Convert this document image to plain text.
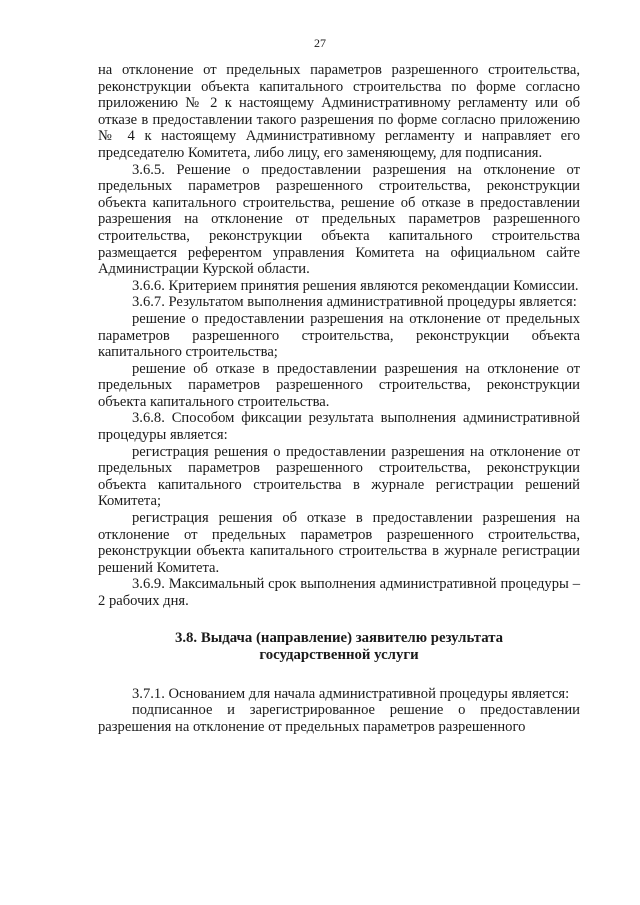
27

на отклонение от предельных параметров разрешенного строительства, реконструкции объекта капитального строительства по форме согласно приложению № 2 к настоящему Административному регламенту или об отказе в предоставлении такого разрешения по форме согласно приложению № 4 к настоящему Административному регламенту и направляет его председателю Комитета, либо лицу, его заменяющему, для подписания.

3.6.5. Решение о предоставлении разрешения на отклонение от предельных параметров разрешенного строительства, реконструкции объекта капитального строительства, решение об отказе в предоставлении разрешения на отклонение от предельных параметров разрешенного строительства, реконструкции объекта капитального строительства размещается референтом управления Комитета на официальном сайте Администрации Курской области.

3.6.6. Критерием принятия решения являются рекомендации Комиссии.

3.6.7. Результатом выполнения административной процедуры является:

решение о предоставлении разрешения на отклонение от предельных параметров разрешенного строительства, реконструкции объекта капитального строительства;

решение об отказе в предоставлении разрешения на отклонение от предельных параметров разрешенного строительства, реконструкции объекта капитального строительства.

3.6.8. Способом фиксации результата выполнения административной процедуры является:

регистрация решения о предоставлении разрешения на отклонение от предельных параметров разрешенного строительства, реконструкции объекта капитального строительства в журнале регистрации решений Комитета;

регистрация решения об отказе в предоставлении разрешения на отклонение от предельных параметров разрешенного строительства, реконструкции объекта капитального строительства в журнале регистрации решений Комитета.

3.6.9. Максимальный срок выполнения административной процедуры – 2 рабочих дня.

3.8. Выдача (направление) заявителю результата
государственной услуги

3.7.1. Основанием для начала административной процедуры является:

подписанное и зарегистрированное решение о предоставлении разрешения на отклонение от предельных параметров разрешенного
